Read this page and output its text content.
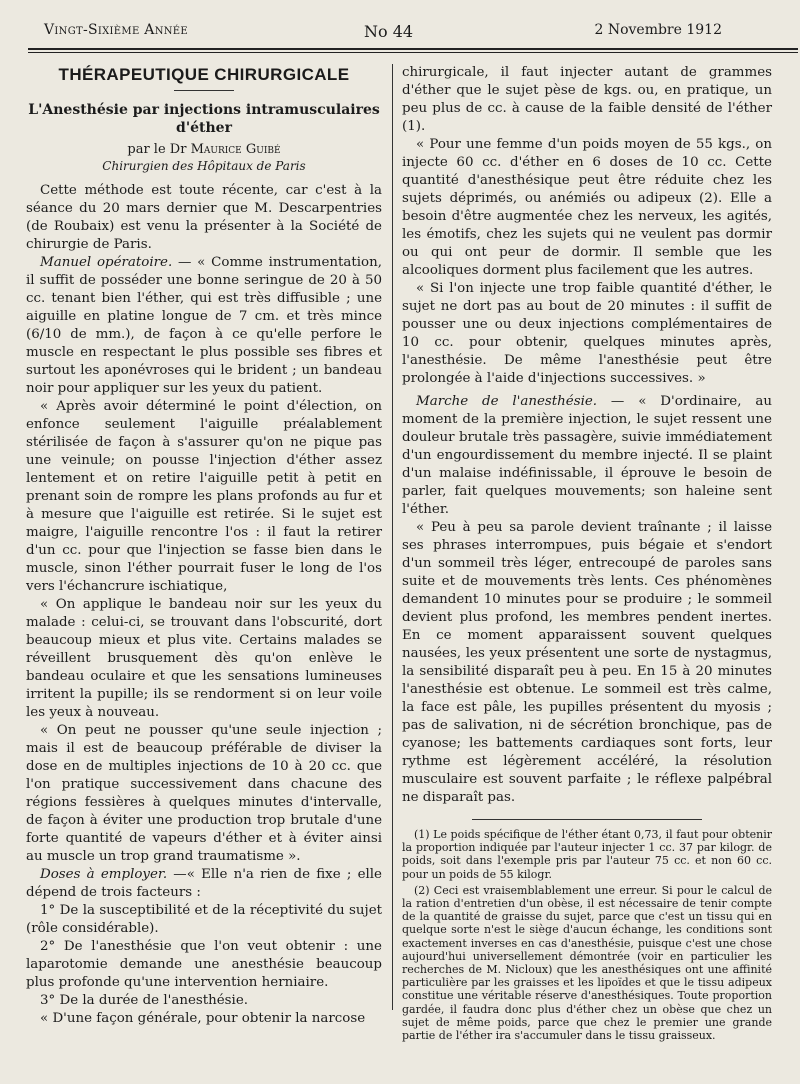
Vingt-Sixième Année	No 44	2 Novembre 1912
THÉRAPEUTIQUE CHIRURGICALE
L'Anesthésie par injections intramusculaires d'éther
par le Dr Maurice Guibé
Chirurgien des Hôpitaux de Paris

Cette méthode est toute récente, car c'est à la séance du 20 mars dernier que M. Descarpentries (de Roubaix) est venu la présenter à la Société de chirurgie de Paris.

Manuel opératoire. — « Comme instrumentation, il suffit de posséder une bonne seringue de 20 à 50 cc. tenant bien l'éther, qui est très diffusible ; une aiguille en platine longue de 7 cm. et très mince (6/10 de mm.), de façon à ce qu'elle perfore le muscle en respectant le plus possible ses fibres et surtout les aponévroses qui le brident ; un bandeau noir pour appliquer sur les yeux du patient.

« Après avoir déterminé le point d'élection, on enfonce seulement l'aiguille préalablement stérilisée de façon à s'assurer qu'on ne pique pas une veinule; on pousse l'injection d'éther assez lentement et on retire l'aiguille petit à petit en prenant soin de rompre les plans profonds au fur et à mesure que l'aiguille est retirée. Si le sujet est maigre, l'aiguille rencontre l'os : il faut la retirer d'un cc. pour que l'injection se fasse bien dans le muscle, sinon l'éther pourrait fuser le long de l'os vers l'échancrure ischiatique,

« On applique le bandeau noir sur les yeux du malade : celui-ci, se trouvant dans l'obscurité, dort beaucoup mieux et plus vite. Certains malades se réveillent brusquement dès qu'on enlève le bandeau oculaire et que les sensations lumineuses irritent la pupille; ils se rendorment si on leur voile les yeux à nouveau.

« On peut ne pousser qu'une seule injection ; mais il est de beaucoup préférable de diviser la dose en de multiples injections de 10 à 20 cc. que l'on pratique successivement dans chacune des régions fessières à quelques minutes d'intervalle, de façon à éviter une production trop brutale d'une forte quantité de vapeurs d'éther et à éviter ainsi au muscle un trop grand traumatisme ».

Doses à employer. —« Elle n'a rien de fixe ; elle dépend de trois facteurs :

1° De la susceptibilité et de la réceptivité du sujet (rôle considérable).

2° De l'anesthésie que l'on veut obtenir : une laparotomie demande une anesthésie beaucoup plus profonde qu'une intervention herniaire.

3° De la durée de l'anesthésie.

« D'une façon générale, pour obtenir la narcose

chirurgicale, il faut injecter autant de grammes d'éther que le sujet pèse de kgs. ou, en pratique, un peu plus de cc. à cause de la faible densité de l'éther (1).

« Pour une femme d'un poids moyen de 55 kgs., on injecte 60 cc. d'éther en 6 doses de 10 cc. Cette quantité d'anesthésique peut être réduite chez les sujets déprimés, ou anémiés ou adipeux (2). Elle a besoin d'être augmentée chez les nerveux, les agités, les émotifs, chez les sujets qui ne veulent pas dormir ou qui ont peur de dormir. Il semble que les alcooliques dorment plus facilement que les autres.

« Si l'on injecte une trop faible quantité d'éther, le sujet ne dort pas au bout de 20 minutes : il suffit de pousser une ou deux injections complémentaires de 10 cc. pour obtenir, quelques minutes après, l'anesthésie. De même l'anesthésie peut être prolongée à l'aide d'injections successives. »

Marche de l'anesthésie. — « D'ordinaire, au moment de la première injection, le sujet ressent une douleur brutale très passagère, suivie immédiatement d'un engourdissement du membre injecté. Il se plaint d'un malaise indéfinissable, il éprouve le besoin de parler, fait quelques mouvements; son haleine sent l'éther.

« Peu à peu sa parole devient traînante ; il laisse ses phrases interrompues, puis bégaie et s'endort d'un sommeil très léger, entrecoupé de paroles sans suite et de mouvements très lents. Ces phénomènes demandent 10 minutes pour se produire ; le sommeil devient plus profond, les membres pendent inertes. En ce moment apparaissent souvent quelques nausées, les yeux présentent une sorte de nystagmus, la sensibilité disparaît peu à peu. En 15 à 20 minutes l'anesthésie est obtenue. Le sommeil est très calme, la face est pâle, les pupilles présentent du myosis ; pas de salivation, ni de sécrétion bronchique, pas de cyanose; les battements cardiaques sont forts, leur rythme est légèrement accéléré, la résolution musculaire est souvent parfaite ; le réflexe palpébral ne disparaît pas.

(1) Le poids spécifique de l'éther étant 0,73, il faut pour obtenir la proportion indiquée par l'auteur injecter 1 cc. 37 par kilogr. de poids, soit dans l'exemple pris par l'auteur 75 cc. et non 60 cc. pour un poids de 55 kilogr.

(2) Ceci est vraisemblablement une erreur. Si pour le calcul de la ration d'entretien d'un obèse, il est nécessaire de tenir compte de la quantité de graisse du sujet, parce que c'est un tissu qui en quelque sorte n'est le siège d'aucun échange, les conditions sont exactement inverses en cas d'anesthésie, puisque c'est une chose aujourd'hui universellement démontrée (voir en particulier les recherches de M. Nicloux) que les anesthésiques ont une affinité particulière par les graisses et les lipoïdes et que le tissu adipeux constitue une véritable réserve d'anesthésiques. Toute proportion gardée, il faudra donc plus d'éther chez un obèse que chez un sujet de même poids, parce que chez le premier une grande partie de l'éther ira s'accumuler dans le tissu graisseux.
